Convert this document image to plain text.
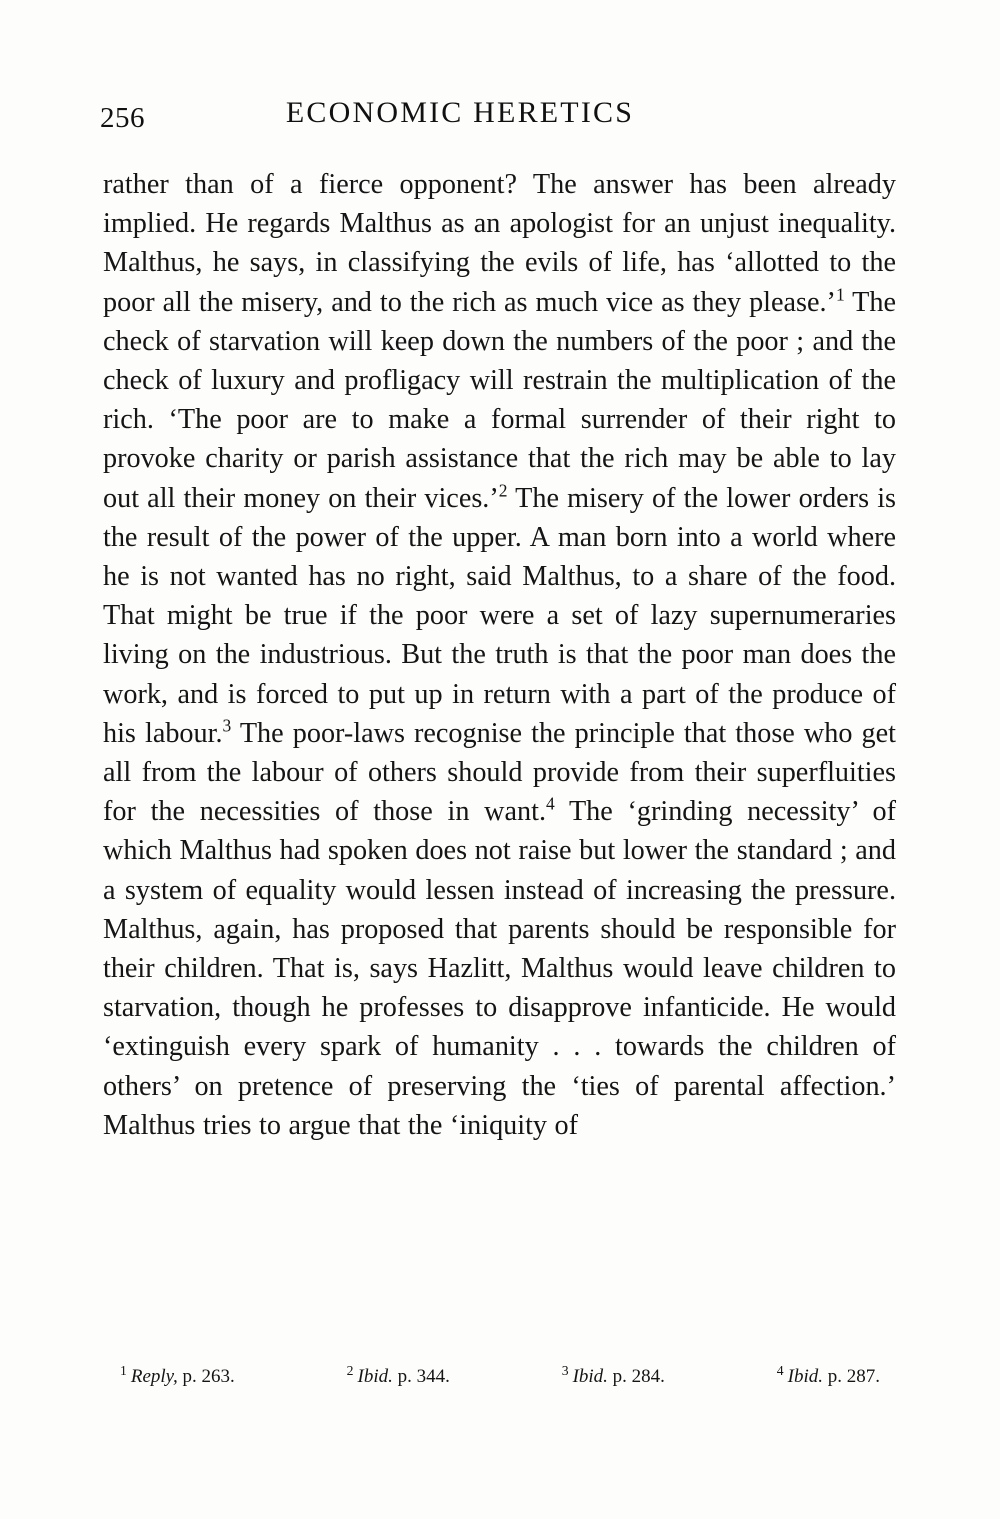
256	ECONOMIC HERETICS

rather than of a fierce opponent? The answer has been already implied. He regards Malthus as an apologist for an unjust inequality. Malthus, he says, in classifying the evils of life, has ‘allotted to the poor all the misery, and to the rich as much vice as they please.’$^1$ The check of starvation will keep down the numbers of the poor ; and the check of luxury and profligacy will restrain the multiplication of the rich. ‘The poor are to make a formal surrender of their right to provoke charity or parish assistance that the rich may be able to lay out all their money on their vices.’$^2$ The misery of the lower orders is the result of the power of the upper. A man born into a world where he is not wanted has no right, said Malthus, to a share of the food. That might be true if the poor were a set of lazy supernumeraries living on the industrious. But the truth is that the poor man does the work, and is forced to put up in return with a part of the produce of his labour.$^3$ The poor-laws recognise the principle that those who get all from the labour of others should provide from their superfluities for the necessities of those in want.$^4$ The ‘grinding necessity’ of which Malthus had spoken does not raise but lower the standard ; and a system of equality would lessen instead of increasing the pressure. Malthus, again, has proposed that parents should be responsible for their children. That is, says Hazlitt, Malthus would leave children to starvation, though he professes to disapprove infanticide. He would ‘extinguish every spark of humanity . . . towards the children of others’ on pretence of preserving the ‘ties of parental affection.’ Malthus tries to argue that the ‘iniquity of

$^1$ Reply, p. 263.	$^2$ Ibid. p. 344.	$^3$ Ibid. p. 284.	$^4$ Ibid. p. 287.
